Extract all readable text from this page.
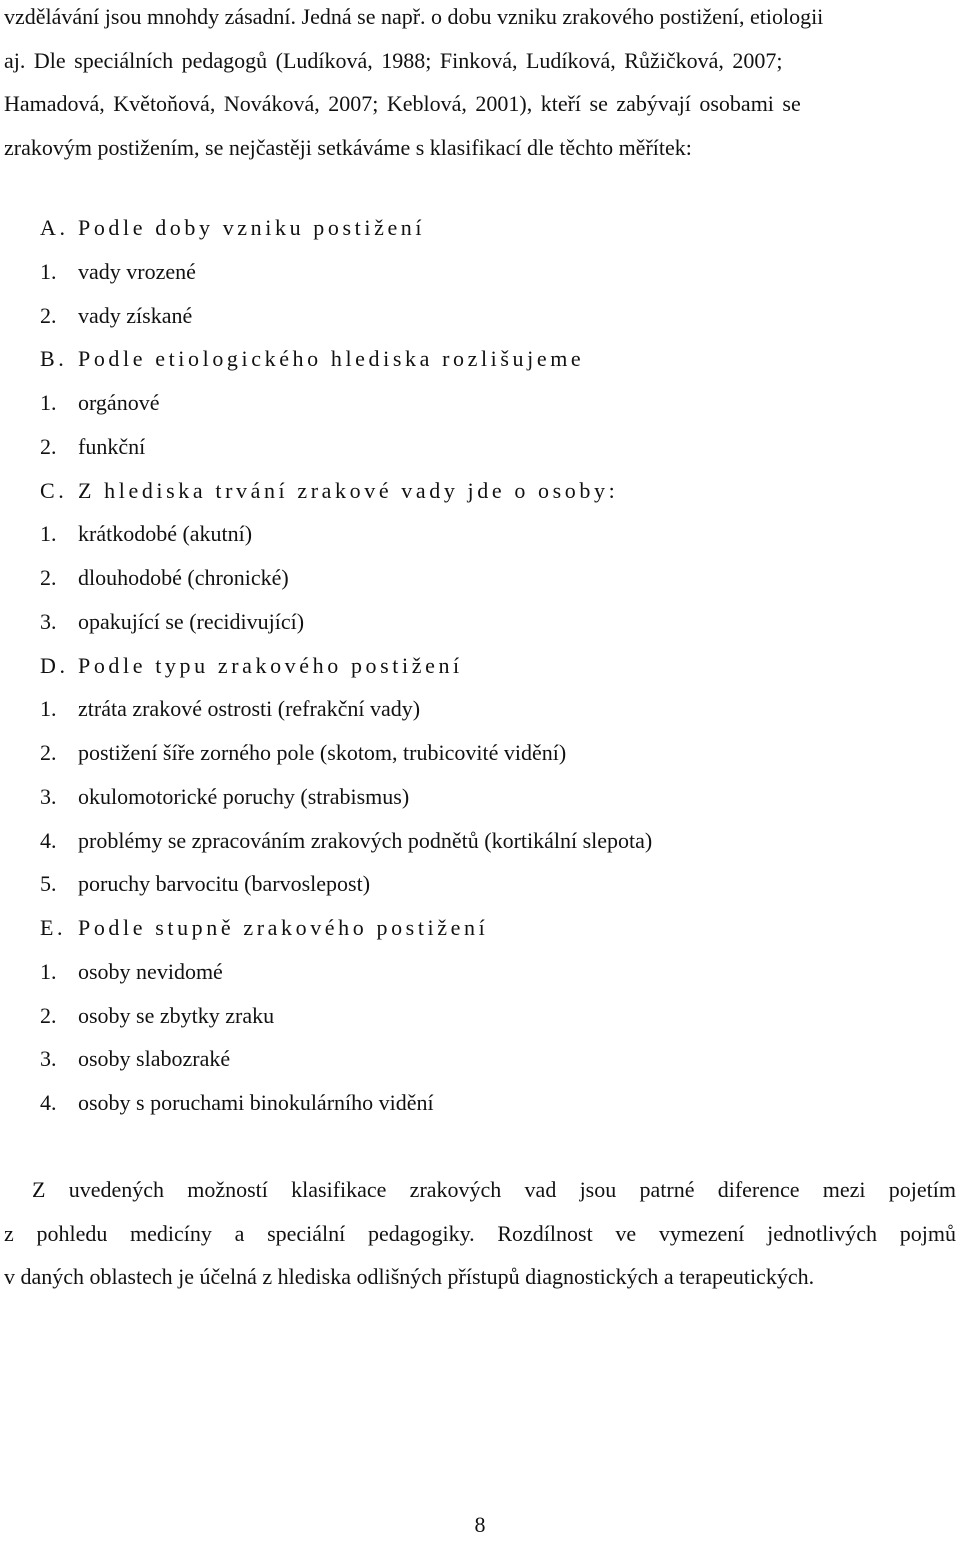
vzdělávání jsou mnohdy zásadní. Jedná se např. o dobu vzniku zrakového postižení, etiologii
aj. Dle speciálních pedagogů (Ludíková, 1988; Finková, Ludíková, Růžičková, 2007;
Hamadová, Květoňová, Nováková, 2007; Keblová, 2001), kteří se zabývají osobami se
zrakovým postižením, se nejčastěji setkáváme s klasifikací dle těchto měřítek:

A. Podle doby vzniku postižení
1. vady vrozené
2. vady získané
B. Podle etiologického hlediska rozlišujeme
1. orgánové
2. funkční
C. Z hlediska trvání zrakové vady jde o osoby:
1. krátkodobé (akutní)
2. dlouhodobé (chronické)
3. opakující se (recidivující)
D. Podle typu zrakového postižení
1. ztráta zrakové ostrosti (refrakční vady)
2. postižení šíře zorného pole (skotom, trubicovité vidění)
3. okulomotorické poruchy (strabismus)
4. problémy se zpracováním zrakových podnětů (kortikální slepota)
5. poruchy barvocitu (barvoslepost)
E. Podle stupně zrakového postižení
1. osoby nevidomé
2. osoby se zbytky zraku
3. osoby slabozraké
4. osoby s poruchami binokulárního vidění

Z uvedených možností klasifikace zrakových vad jsou patrné diference mezi pojetím
z pohledu medicíny a speciální pedagogiky. Rozdílnost ve vymezení jednotlivých pojmů
v daných oblastech je účelná z hlediska odlišných přístupů diagnostických a terapeutických.

8
